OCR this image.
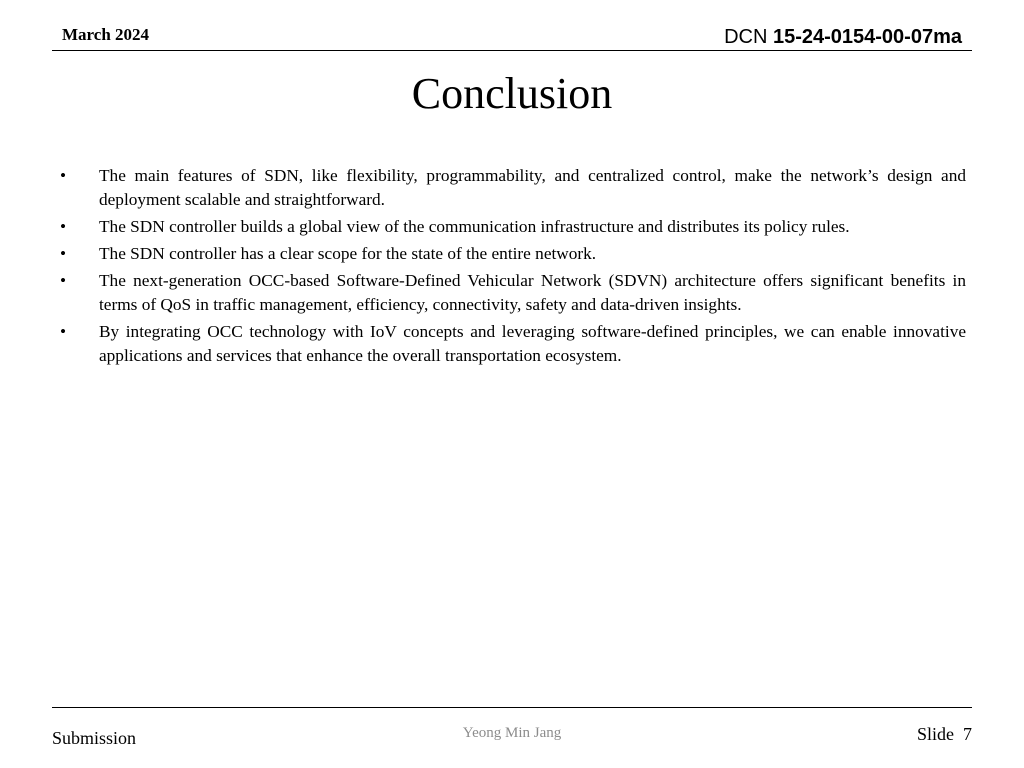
March 2024	DCN 15-24-0154-00-07ma
Conclusion
• The main features of SDN, like flexibility, programmability, and centralized control, make the network’s design and deployment scalable and straightforward.
• The SDN controller builds a global view of the communication infrastructure and distributes its policy rules.
• The SDN controller has a clear scope for the state of the entire network.
• The next-generation OCC-based Software-Defined Vehicular Network (SDVN) architecture offers significant benefits in terms of QoS in traffic management, efficiency, connectivity, safety and data-driven insights.
• By integrating OCC technology with IoV concepts and leveraging software-defined principles, we can enable innovative applications and services that enhance the overall transportation ecosystem.
Submission	Yeong Min Jang	Slide  7
